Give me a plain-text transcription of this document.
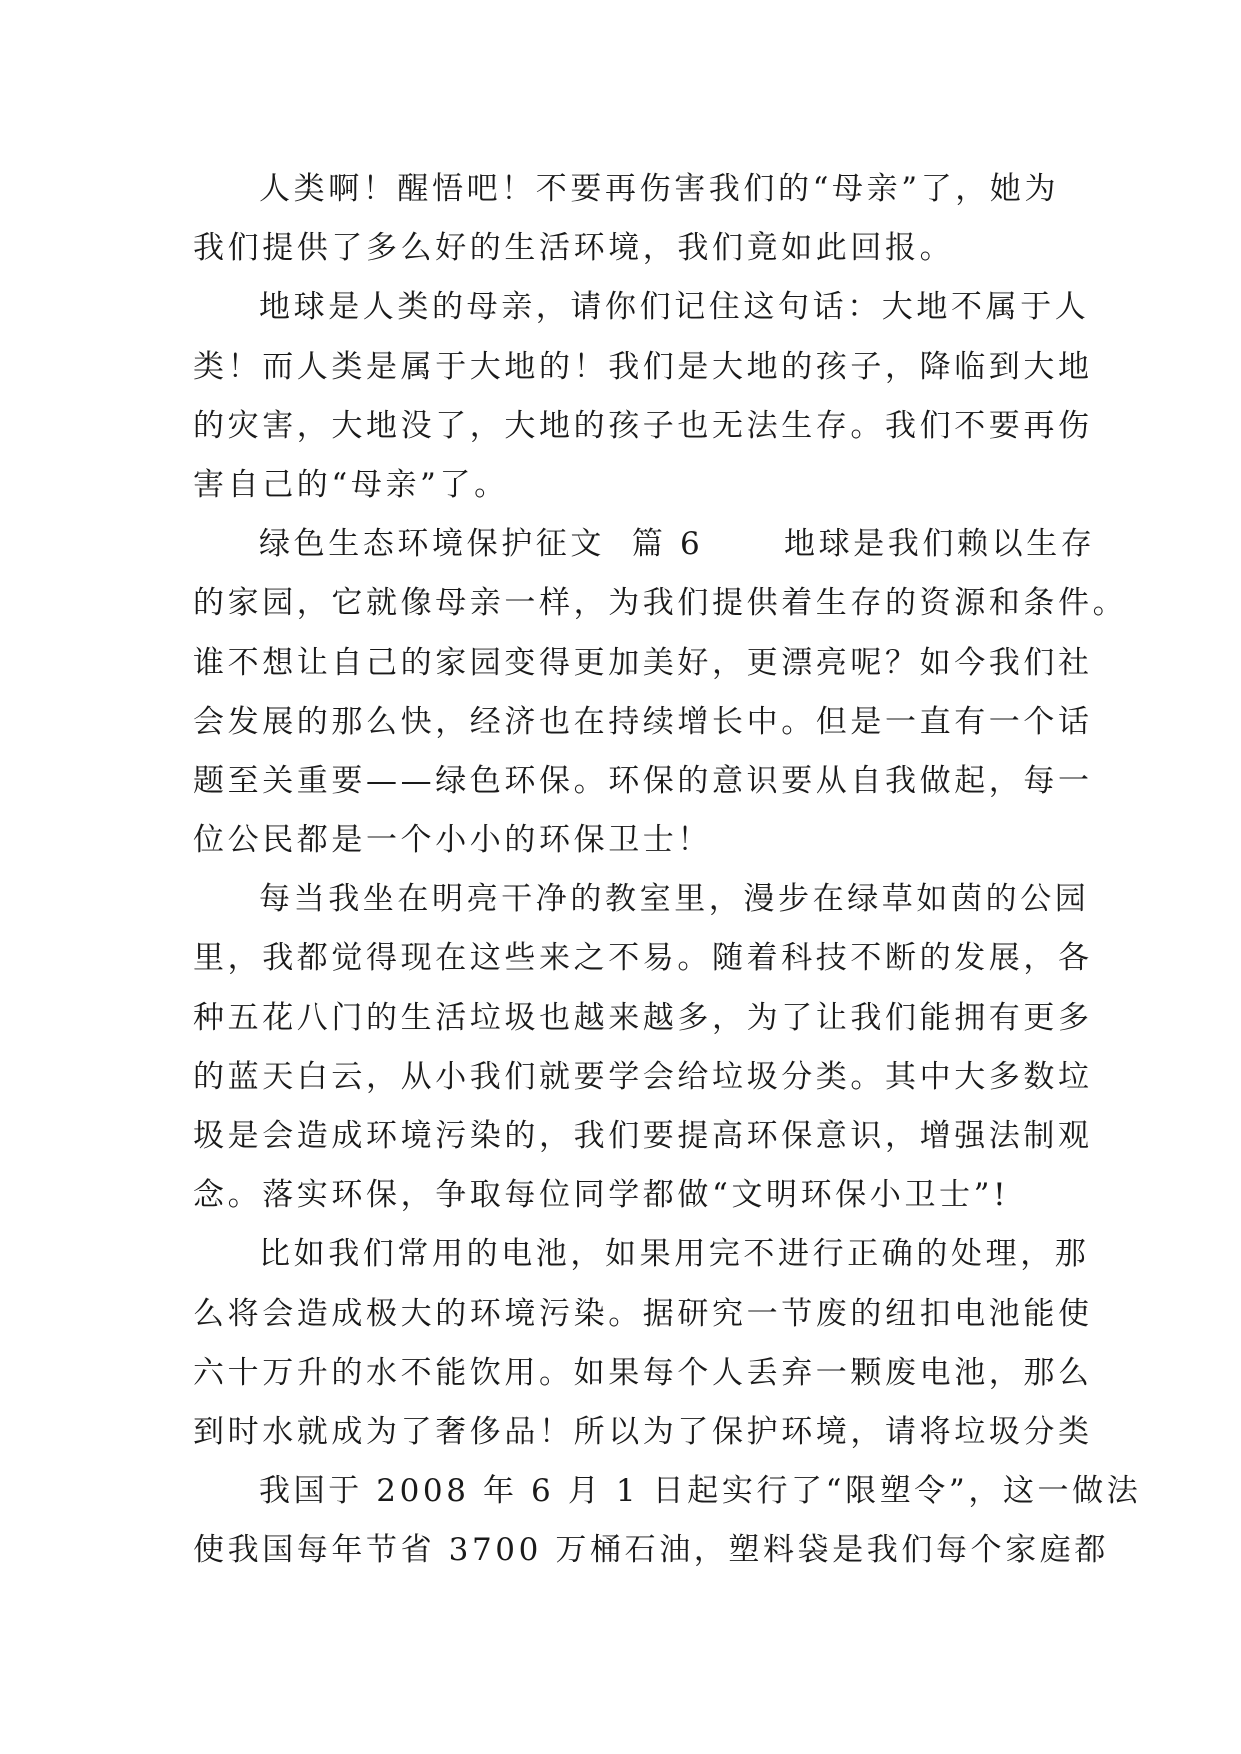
人类啊！醒悟吧！不要再伤害我们的“母亲”了，她为
我们提供了多么好的生活环境，我们竟如此回报。
地球是人类的母亲，请你们记住这句话：大地不属于人
类！而人类是属于大地的！我们是大地的孩子，降临到大地
的灾害，大地没了，大地的孩子也无法生存。我们不要再伤
害自己的“母亲”了。
绿色生态环境保护征文  篇 6      地球是我们赖以生存
的家园，它就像母亲一样，为我们提供着生存的资源和条件。
谁不想让自己的家园变得更加美好，更漂亮呢？如今我们社
会发展的那么快，经济也在持续增长中。但是一直有一个话
题至关重要——绿色环保。环保的意识要从自我做起，每一
位公民都是一个小小的环保卫士！
每当我坐在明亮干净的教室里，漫步在绿草如茵的公园
里，我都觉得现在这些来之不易。随着科技不断的发展，各
种五花八门的生活垃圾也越来越多，为了让我们能拥有更多
的蓝天白云，从小我们就要学会给垃圾分类。其中大多数垃
圾是会造成环境污染的，我们要提高环保意识，增强法制观
念。落实环保，争取每位同学都做“文明环保小卫士”!
比如我们常用的电池，如果用完不进行正确的处理，那
么将会造成极大的环境污染。据研究一节废的纽扣电池能使
六十万升的水不能饮用。如果每个人丢弃一颗废电池，那么
到时水就成为了奢侈品！所以为了保护环境，请将垃圾分类
我国于 2008 年 6 月 1 日起实行了“限塑令”，这一做法
使我国每年节省 3700 万桶石油，塑料袋是我们每个家庭都
